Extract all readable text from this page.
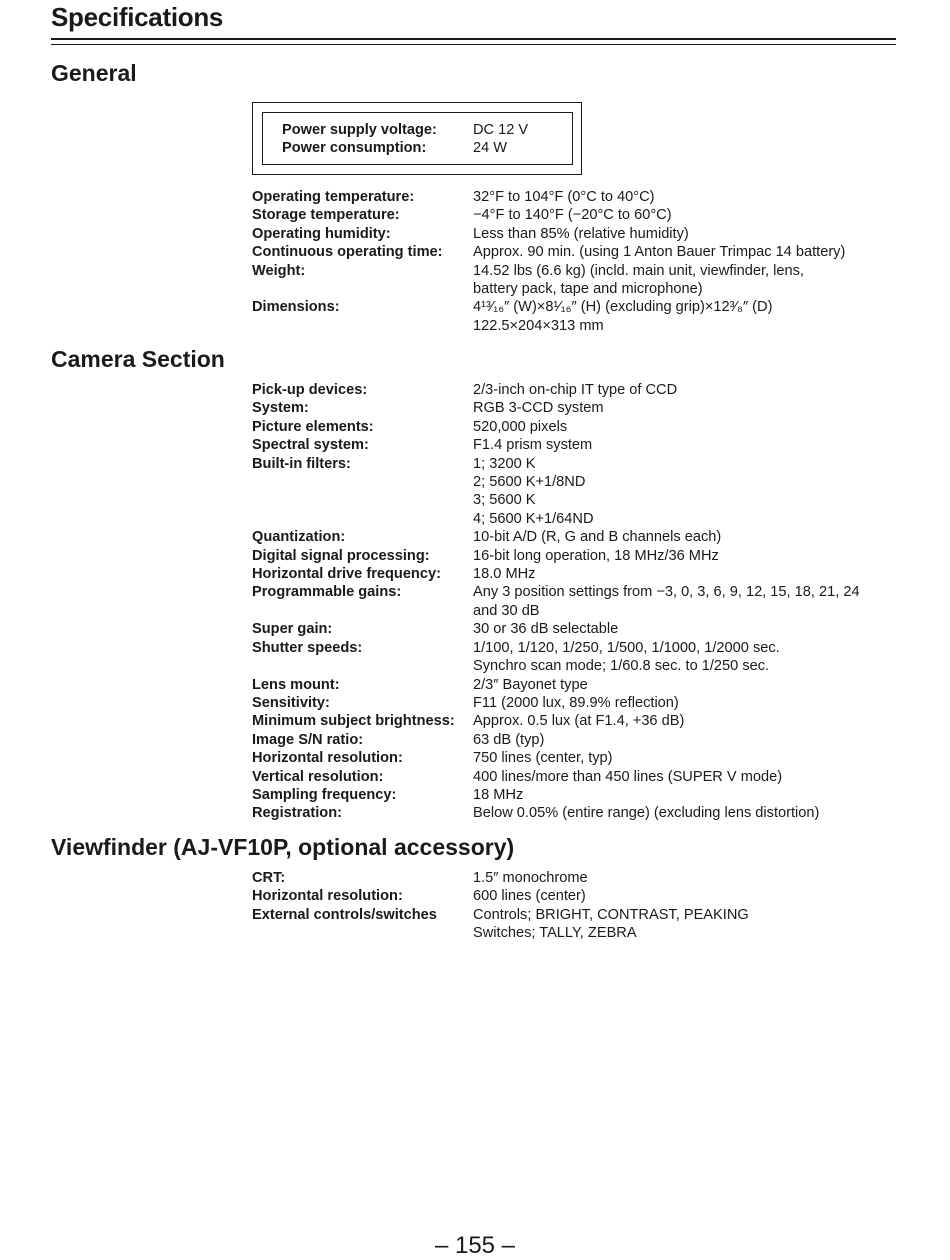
Specifications
General
Power supply voltage:	DC 12 V
Power consumption:	24 W
Operating temperature:	32°F to 104°F (0°C to 40°C)
Storage temperature:	−4°F to 140°F (−20°C to 60°C)
Operating humidity:	Less than 85% (relative humidity)
Continuous operating time:	Approx. 90 min. (using 1 Anton Bauer Trimpac 14 battery)
Weight:	14.52 lbs (6.6 kg) (incld. main unit, viewfinder, lens,
battery pack, tape and microphone)
Dimensions:	4¹³⁄₁₆″ (W)×8¹⁄₁₆″ (H) (excluding grip)×12³⁄₈″ (D)
122.5×204×313 mm
Camera Section
Pick-up devices:	2/3-inch on-chip IT type of CCD
System:	RGB 3-CCD system
Picture elements:	520,000 pixels
Spectral system:	F1.4 prism system
Built-in filters:	1; 3200 K
2; 5600 K+1/8ND
3; 5600 K
4; 5600 K+1/64ND
Quantization:	10-bit A/D (R, G and B channels each)
Digital signal processing:	16-bit long operation, 18 MHz/36 MHz
Horizontal drive frequency:	18.0 MHz
Programmable gains:	Any 3 position settings from −3, 0, 3, 6, 9, 12, 15, 18, 21, 24
and 30 dB
Super gain:	30 or 36 dB selectable
Shutter speeds:	1/100, 1/120, 1/250, 1/500, 1/1000, 1/2000 sec.
Synchro scan mode; 1/60.8 sec. to 1/250 sec.
Lens mount:	2/3″ Bayonet type
Sensitivity:	F11 (2000 lux, 89.9% reflection)
Minimum subject brightness:	Approx. 0.5 lux (at F1.4, +36 dB)
Image S/N ratio:	63 dB (typ)
Horizontal resolution:	750 lines (center, typ)
Vertical resolution:	400 lines/more than 450 lines (SUPER V mode)
Sampling frequency:	18 MHz
Registration:	Below 0.05% (entire range) (excluding lens distortion)
Viewfinder (AJ-VF10P, optional accessory)
CRT:	1.5″ monochrome
Horizontal resolution:	600 lines (center)
External controls/switches	Controls; BRIGHT, CONTRAST, PEAKING
Switches; TALLY, ZEBRA
– 155 –
